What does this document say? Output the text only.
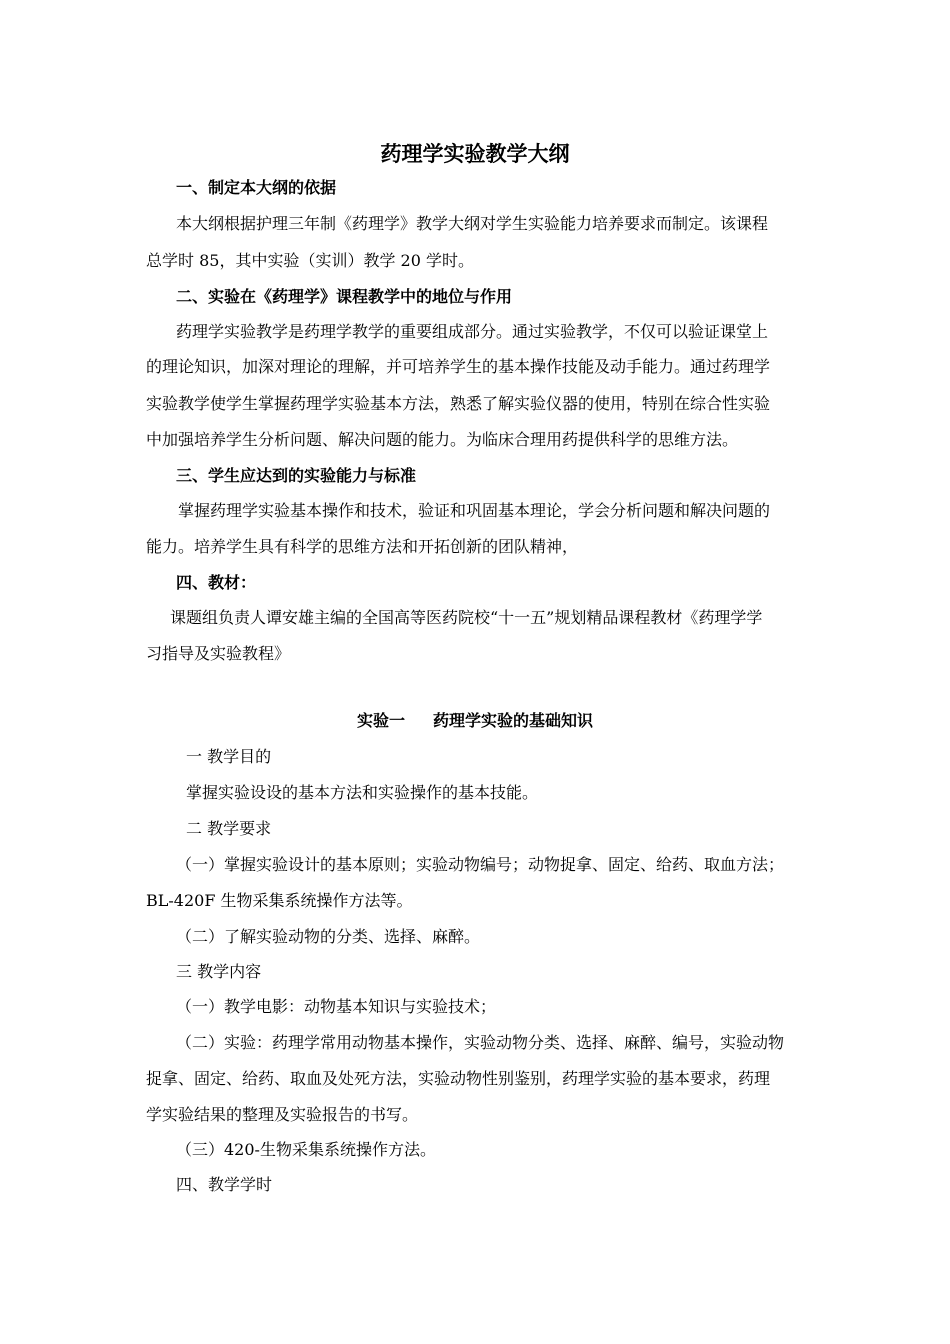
药理学实验教学大纲
一、制定本大纲的依据
本大纲根据护理三年制《药理学》教学大纲对学生实验能力培养要求而制定。该课程
总学时 85，其中实验（实训）教学 20 学时。
二、实验在《药理学》课程教学中的地位与作用
药理学实验教学是药理学教学的重要组成部分。通过实验教学，不仅可以验证课堂上
的理论知识，加深对理论的理解，并可培养学生的基本操作技能及动手能力。通过药理学
实验教学使学生掌握药理学实验基本方法，熟悉了解实验仪器的使用，特别在综合性实验
中加强培养学生分析问题、解决问题的能力。为临床合理用药提供科学的思维方法。
三、学生应达到的实验能力与标准
掌握药理学实验基本操作和技术，验证和巩固基本理论，学会分析问题和解决问题的
能力。培养学生具有科学的思维方法和开拓创新的团队精神，
四、教材：
课题组负责人谭安雄主编的全国高等医药院校“十一五”规划精品课程教材《药理学学
习指导及实验教程》
实验一 药理学实验的基础知识
一 教学目的
掌握实验设设的基本方法和实验操作的基本技能。
二 教学要求
（一）掌握实验设计的基本原则；实验动物编号；动物捉拿、固定、给药、取血方法；
BL-420F 生物采集系统操作方法等。
（二）了解实验动物的分类、选择、麻醉。
三 教学内容
（一）教学电影：动物基本知识与实验技术；
（二）实验：药理学常用动物基本操作，实验动物分类、选择、麻醉、编号，实验动物
捉拿、固定、给药、取血及处死方法，实验动物性别鉴别，药理学实验的基本要求，药理
学实验结果的整理及实验报告的书写。
（三）420-生物采集系统操作方法。
四、教学学时
